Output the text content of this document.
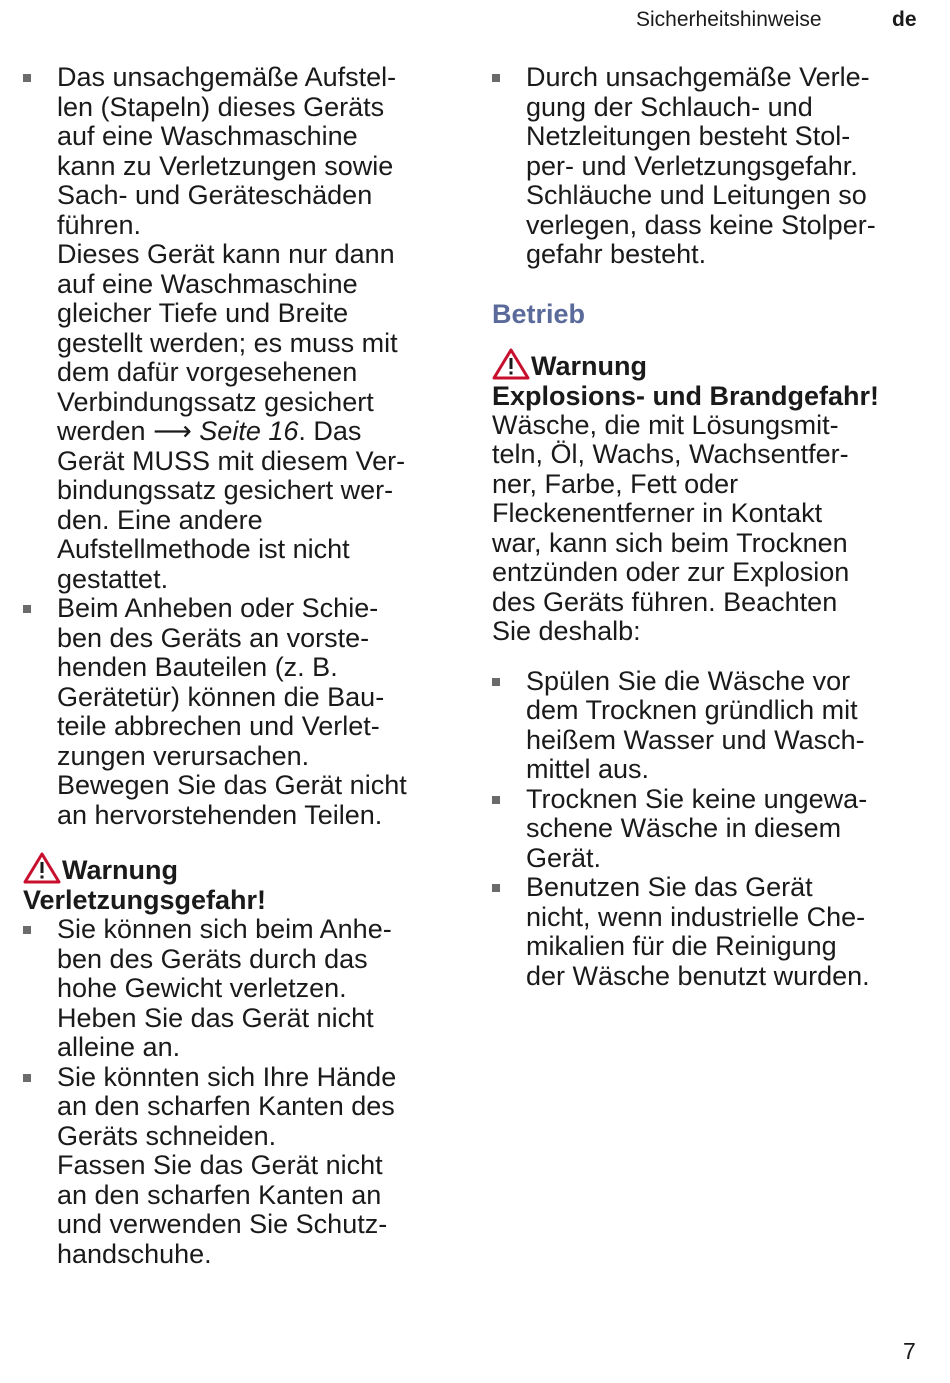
Sicherheitshinweise	de

Das unsachgemäße Aufstel-
len (Stapeln) dieses Geräts
auf eine Waschmaschine
kann zu Verletzungen sowie
Sach- und Geräteschäden
führen.
Dieses Gerät kann nur dann
auf eine Waschmaschine
gleicher Tiefe und Breite
gestellt werden; es muss mit
dem dafür vorgesehenen
Verbindungssatz gesichert
werden ⟶ Seite 16. Das
Gerät MUSS mit diesem Ver-
bindungssatz gesichert wer-
den. Eine andere
Aufstellmethode ist nicht
gestattet.

Beim Anheben oder Schie-
ben des Geräts an vorste-
henden Bauteilen (z. B.
Gerätetür) können die Bau-
teile abbrechen und Verlet-
zungen verursachen.
Bewegen Sie das Gerät nicht
an hervorstehenden Teilen.

Warnung
Verletzungsgefahr!

Sie können sich beim Anhe-
ben des Geräts durch das
hohe Gewicht verletzen.
Heben Sie das Gerät nicht
alleine an.

Sie könnten sich Ihre Hände
an den scharfen Kanten des
Geräts schneiden.
Fassen Sie das Gerät nicht
an den scharfen Kanten an
und verwenden Sie Schutz-
handschuhe.

Durch unsachgemäße Verle-
gung der Schlauch- und
Netzleitungen besteht Stol-
per- und Verletzungsgefahr.
Schläuche und Leitungen so
verlegen, dass keine Stolper-
gefahr besteht.

Betrieb
Warnung
Explosions- und Brandgefahr!

Wäsche, die mit Lösungsmit-
teln, Öl, Wachs, Wachsentfer-
ner, Farbe, Fett oder
Fleckenentferner in Kontakt
war, kann sich beim Trocknen
entzünden oder zur Explosion
des Geräts führen. Beachten
Sie deshalb:

Spülen Sie die Wäsche vor
dem Trocknen gründlich mit
heißem Wasser und Wasch-
mittel aus.

Trocknen Sie keine ungewa-
schene Wäsche in diesem
Gerät.

Benutzen Sie das Gerät
nicht, wenn industrielle Che-
mikalien für die Reinigung
der Wäsche benutzt wurden.

7
